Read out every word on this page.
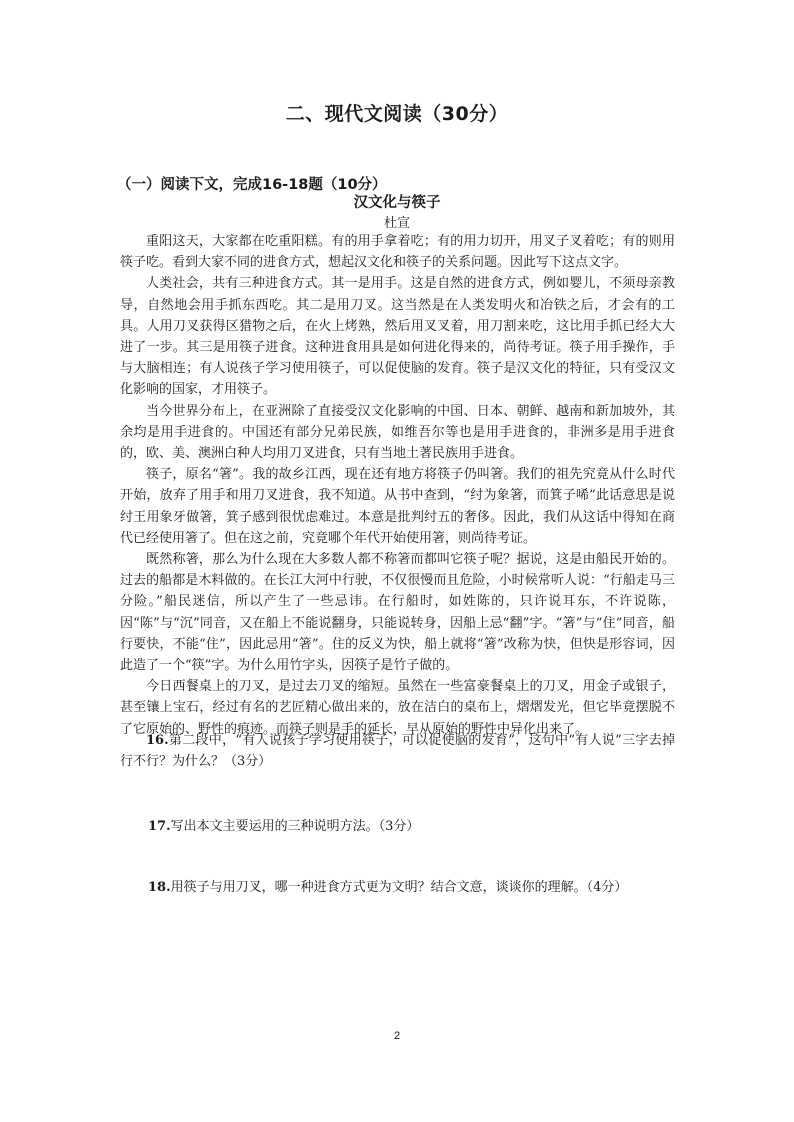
二、现代文阅读（30分）
（一）阅读下文，完成16-18题（10分）
汉文化与筷子
杜宣

重阳这天，大家都在吃重阳糕。有的用手拿着吃；有的用力切开，用叉子叉着吃；有的则用筷子吃。看到大家不同的进食方式，想起汉文化和筷子的关系问题。因此写下这点文字。

人类社会，共有三种进食方式。其一是用手。这是自然的进食方式，例如婴儿，不须母亲教导，自然地会用手抓东西吃。其二是用刀叉。这当然是在人类发明火和冶铁之后，才会有的工具。人用刀叉获得区猎物之后，在火上烤熟，然后用叉叉着，用刀割来吃，这比用手抓已经大大进了一步。其三是用筷子进食。这种进食用具是如何进化得来的，尚待考证。筷子用手操作，手与大脑相连；有人说孩子学习使用筷子，可以促使脑的发育。筷子是汉文化的特征，只有受汉文化影响的国家，才用筷子。

当今世界分布上，在亚洲除了直接受汉文化影响的中国、日本、朝鲜、越南和新加坡外，其余均是用手进食的。中国还有部分兄弟民族，如维吾尔等也是用手进食的，非洲多是用手进食的，欧、美、澳洲白种人均用刀叉进食，只有当地土著民族用手进食。

筷子，原名“箸”。我的故乡江西，现在还有地方将筷子仍叫箸。我们的祖先究竟从什么时代开始，放弃了用手和用刀叉进食，我不知道。从书中查到，“纣为象箸，而箕子唏”此话意思是说纣王用象牙做箸，箕子感到很忧虑难过。本意是批判纣五的奢侈。因此，我们从这话中得知在商代已经使用箸了。但在这之前，究竟哪个年代开始使用箸，则尚待考证。

既然称箸，那么为什么现在大多数人都不称箸而都叫它筷子呢？据说，这是由船民开始的。过去的船都是木料做的。在长江大河中行驶，不仅很慢而且危险，小时候常听人说：“行船走马三分险。”船民迷信，所以产生了一些忌讳。在行船时，如姓陈的，只许说耳东，不许说陈，因“陈”与“沉”同音，又在船上不能说翻身，只能说转身，因船上忌“翻”字。“箸”与“住”同音，船行要快，不能“住”，因此忌用“箸”。住的反义为快，船上就将“箸”改称为快，但快是形容词，因此造了一个“筷”字。为什么用竹字头，因筷子是竹子做的。

今日西餐桌上的刀叉，是过去刀叉的缩短。虽然在一些富豪餐桌上的刀叉，用金子或银子，甚至镶上宝石，经过有名的艺匠精心做出来的，放在洁白的桌布上，熠熠发光，但它毕竟摆脱不了它原始的、野性的痕迹。而筷子则是手的延长，早从原始的野性中异化出来了。

16.第二段中，“有人说孩子学习使用筷子，可以促使脑的发育”，这句中“有人说”三字去掉行不行？为什么？（3分）

17.写出本文主要运用的三种说明方法。（3分）

18.用筷子与用刀叉，哪一种进食方式更为文明？结合文意，谈谈你的理解。（4分）

2
